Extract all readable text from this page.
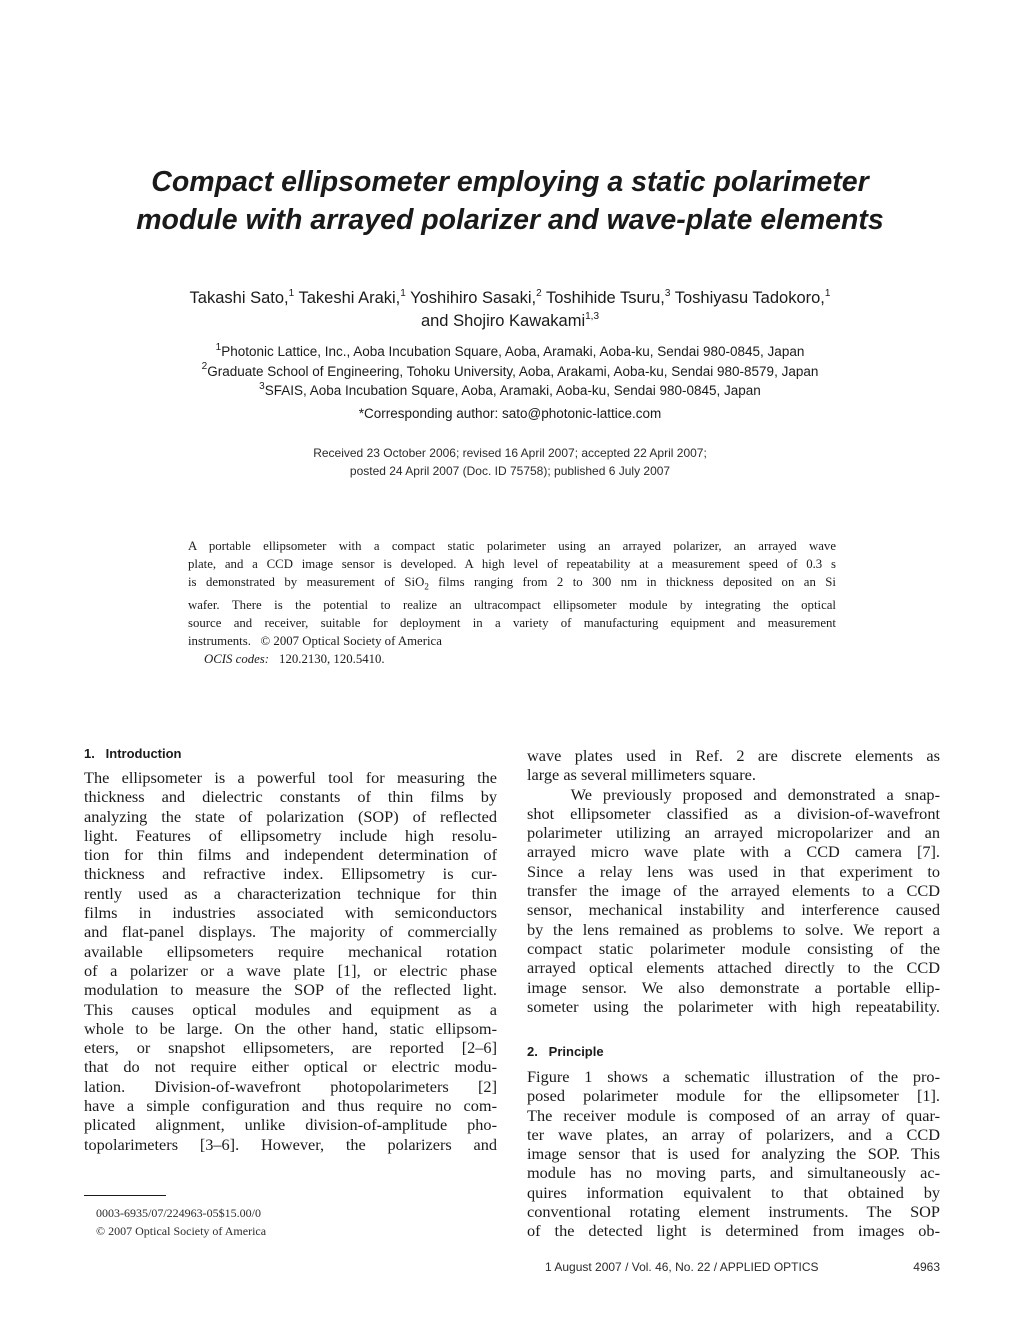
Compact ellipsometer employing a static polarimeter
module with arrayed polarizer and wave-plate elements
Takashi Sato,$^1$ Takeshi Araki,$^1$ Yoshihiro Sasaki,$^2$ Toshihide Tsuru,$^3$ Toshiyasu Tadokoro,$^1$
and Shojiro Kawakami$^{1,3}$
$^1$Photonic Lattice, Inc., Aoba Incubation Square, Aoba, Aramaki, Aoba-ku, Sendai 980-0845, Japan
$^2$Graduate School of Engineering, Tohoku University, Aoba, Arakami, Aoba-ku, Sendai 980-8579, Japan
$^3$SFAIS, Aoba Incubation Square, Aoba, Aramaki, Aoba-ku, Sendai 980-0845, Japan
*Corresponding author: sato@photonic-lattice.com
Received 23 October 2006; revised 16 April 2007; accepted 22 April 2007;
posted 24 April 2007 (Doc. ID 75758); published 6 July 2007
A portable ellipsometer with a compact static polarimeter using an arrayed polarizer, an arrayed wave
plate, and a CCD image sensor is developed. A high level of repeatability at a measurement speed of 0.3 s
is demonstrated by measurement of SiO$_2$ films ranging from 2 to 300 nm in thickness deposited on an Si
wafer. There is the potential to realize an ultracompact ellipsometer module by integrating the optical
source and receiver, suitable for deployment in a variety of manufacturing equipment and measurement
instruments.   © 2007 Optical Society of America
OCIS codes: 120.2130, 120.5410.
1.   Introduction
The ellipsometer is a powerful tool for measuring the
thickness and dielectric constants of thin films by
analyzing the state of polarization (SOP) of reflected
light. Features of ellipsometry include high resolu-
tion for thin films and independent determination of
thickness and refractive index. Ellipsometry is cur-
rently used as a characterization technique for thin
films in industries associated with semiconductors
and flat-panel displays. The majority of commercially
available ellipsometers require mechanical rotation
of a polarizer or a wave plate [1], or electric phase
modulation to measure the SOP of the reflected light.
This causes optical modules and equipment as a
whole to be large. On the other hand, static ellipsom-
eters, or snapshot ellipsometers, are reported [2–6]
that do not require either optical or electric modu-
lation. Division-of-wavefront photopolarimeters [2]
have a simple configuration and thus require no com-
plicated alignment, unlike division-of-amplitude pho-
topolarimeters [3–6]. However, the polarizers and
wave plates used in Ref. 2 are discrete elements as
large as several millimeters square.
We previously proposed and demonstrated a snap-
shot ellipsometer classified as a division-of-wavefront
polarimeter utilizing an arrayed micropolarizer and an
arrayed micro wave plate with a CCD camera [7].
Since a relay lens was used in that experiment to
transfer the image of the arrayed elements to a CCD
sensor, mechanical instability and interference caused
by the lens remained as problems to solve. We report a
compact static polarimeter module consisting of the
arrayed optical elements attached directly to the CCD
image sensor. We also demonstrate a portable ellip-
someter using the polarimeter with high repeatability.
2.   Principle
Figure 1 shows a schematic illustration of the pro-
posed polarimeter module for the ellipsometer [1].
The receiver module is composed of an array of quar-
ter wave plates, an array of polarizers, and a CCD
image sensor that is used for analyzing the SOP. This
module has no moving parts, and simultaneously ac-
quires information equivalent to that obtained by
conventional rotating element instruments. The SOP
of the detected light is determined from images ob-
0003-6935/07/224963-05$15.00/0
© 2007 Optical Society of America
1 August 2007 / Vol. 46, No. 22 / APPLIED OPTICS	4963
